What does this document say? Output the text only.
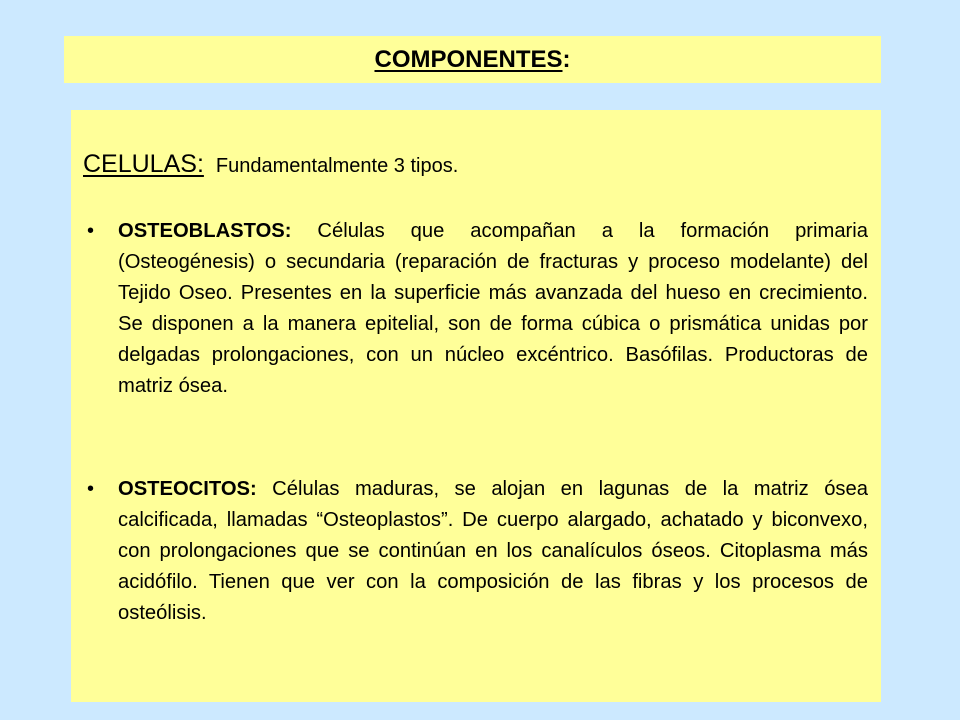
COMPONENTES :
CELULAS: Fundamentalmente 3 tipos.
• OSTEOBLASTOS: Células que acompañan a la formación primaria (Osteogénesis) o secundaria (reparación de fracturas y proceso modelante) del Tejido Oseo. Presentes en la superficie más avanzada del hueso en crecimiento. Se disponen a la manera epitelial, son de forma cúbica o prismática unidas por delgadas prolongaciones, con un núcleo excéntrico. Basófilas. Productoras de matriz ósea.
• OSTEOCITOS: Células maduras, se alojan en lagunas de la matriz ósea calcificada, llamadas “Osteoplastos”. De cuerpo alargado, achatado y biconvexo, con prolongaciones que se continúan en los canalículos óseos. Citoplasma más acidófilo. Tienen que ver con la composición de las fibras y los procesos de osteólisis.
